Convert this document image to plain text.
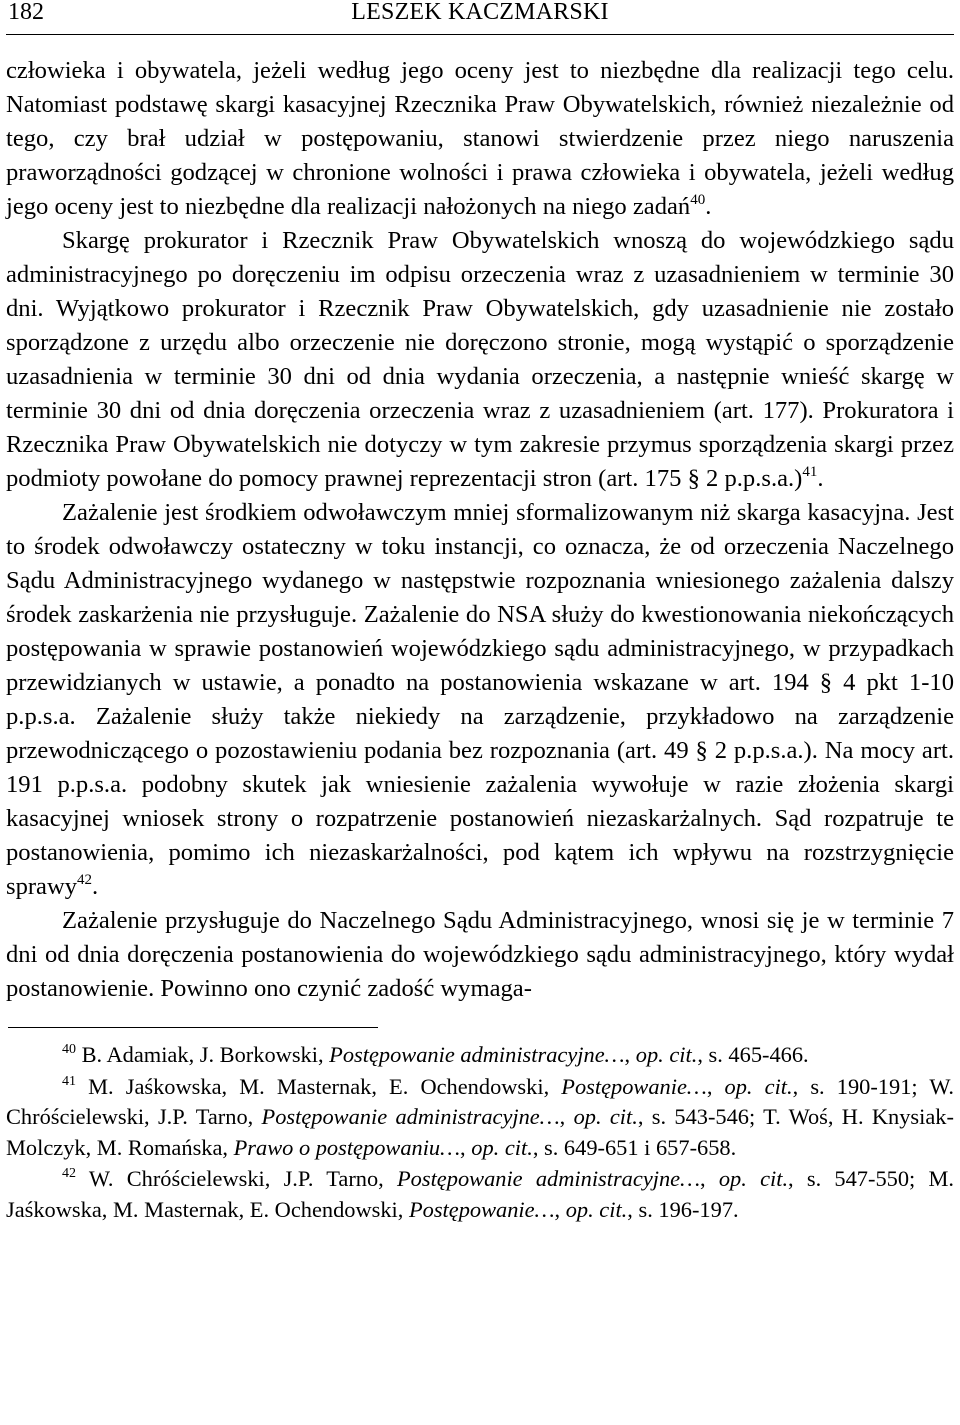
182	LESZEK KACZMARSKI

człowieka i obywatela, jeżeli według jego oceny jest to niezbędne dla realizacji tego celu. Natomiast podstawę skargi kasacyjnej Rzecznika Praw Obywatelskich, również niezależnie od tego, czy brał udział w postępowaniu, stanowi stwierdzenie przez niego naruszenia praworządności godzącej w chronione wolności i prawa człowieka i obywatela, jeżeli według jego oceny jest to niezbędne dla realizacji nałożonych na niego zadań$^{40}$.

Skargę prokurator i Rzecznik Praw Obywatelskich wnoszą do wojewódzkiego sądu administracyjnego po doręczeniu im odpisu orzeczenia wraz z uzasadnieniem w terminie 30 dni. Wyjątkowo prokurator i Rzecznik Praw Obywatelskich, gdy uzasadnienie nie zostało sporządzone z urzędu albo orzeczenie nie doręczono stronie, mogą wystąpić o sporządzenie uzasadnienia w terminie 30 dni od dnia wydania orzeczenia, a następnie wnieść skargę w terminie 30 dni od dnia doręczenia orzeczenia wraz z uzasadnieniem (art. 177). Prokuratora i Rzecznika Praw Obywatelskich nie dotyczy w tym zakresie przymus sporządzenia skargi przez podmioty powołane do pomocy prawnej reprezentacji stron (art. 175 § 2 p.p.s.a.)$^{41}$.

Zażalenie jest środkiem odwoławczym mniej sformalizowanym niż skarga kasacyjna. Jest to środek odwoławczy ostateczny w toku instancji, co oznacza, że od orzeczenia Naczelnego Sądu Administracyjnego wydanego w następstwie rozpoznania wniesionego zażalenia dalszy środek zaskarżenia nie przysługuje. Zażalenie do NSA służy do kwestionowania niekończących postępowania w sprawie postanowień wojewódzkiego sądu administracyjnego, w przypadkach przewidzianych w ustawie, a ponadto na postanowienia wskazane w art. 194 § 4 pkt 1-10 p.p.s.a. Zażalenie służy także niekiedy na zarządzenie, przykładowo na zarządzenie przewodniczącego o pozostawieniu podania bez rozpoznania (art. 49 § 2 p.p.s.a.). Na mocy art. 191 p.p.s.a. podobny skutek jak wniesienie zażalenia wywołuje w razie złożenia skargi kasacyjnej wniosek strony o rozpatrzenie postanowień niezaskarżalnych. Sąd rozpatruje te postanowienia, pomimo ich niezaskarżalności, pod kątem ich wpływu na rozstrzygnięcie sprawy$^{42}$.

Zażalenie przysługuje do Naczelnego Sądu Administracyjnego, wnosi się je w terminie 7 dni od dnia doręczenia postanowienia do wojewódzkiego sądu administracyjnego, który wydał postanowienie. Powinno ono czynić zadość wymaga-

$^{40}$ B. Adamiak, J. Borkowski, Postępowanie administracyjne…, op. cit., s. 465-466.

$^{41}$ M. Jaśkowska, M. Masternak, E. Ochendowski, Postępowanie…, op. cit., s. 190-191; W. Chróścielewski, J.P. Tarno, Postępowanie administracyjne…, op. cit., s. 543-546; T. Woś, H. Knysiak-Molczyk, M. Romańska, Prawo o postępowaniu…, op. cit., s. 649-651 i 657-658.

$^{42}$ W. Chróścielewski, J.P. Tarno, Postępowanie administracyjne…, op. cit., s. 547-550; M. Jaśkowska, M. Masternak, E. Ochendowski, Postępowanie…, op. cit., s. 196-197.
